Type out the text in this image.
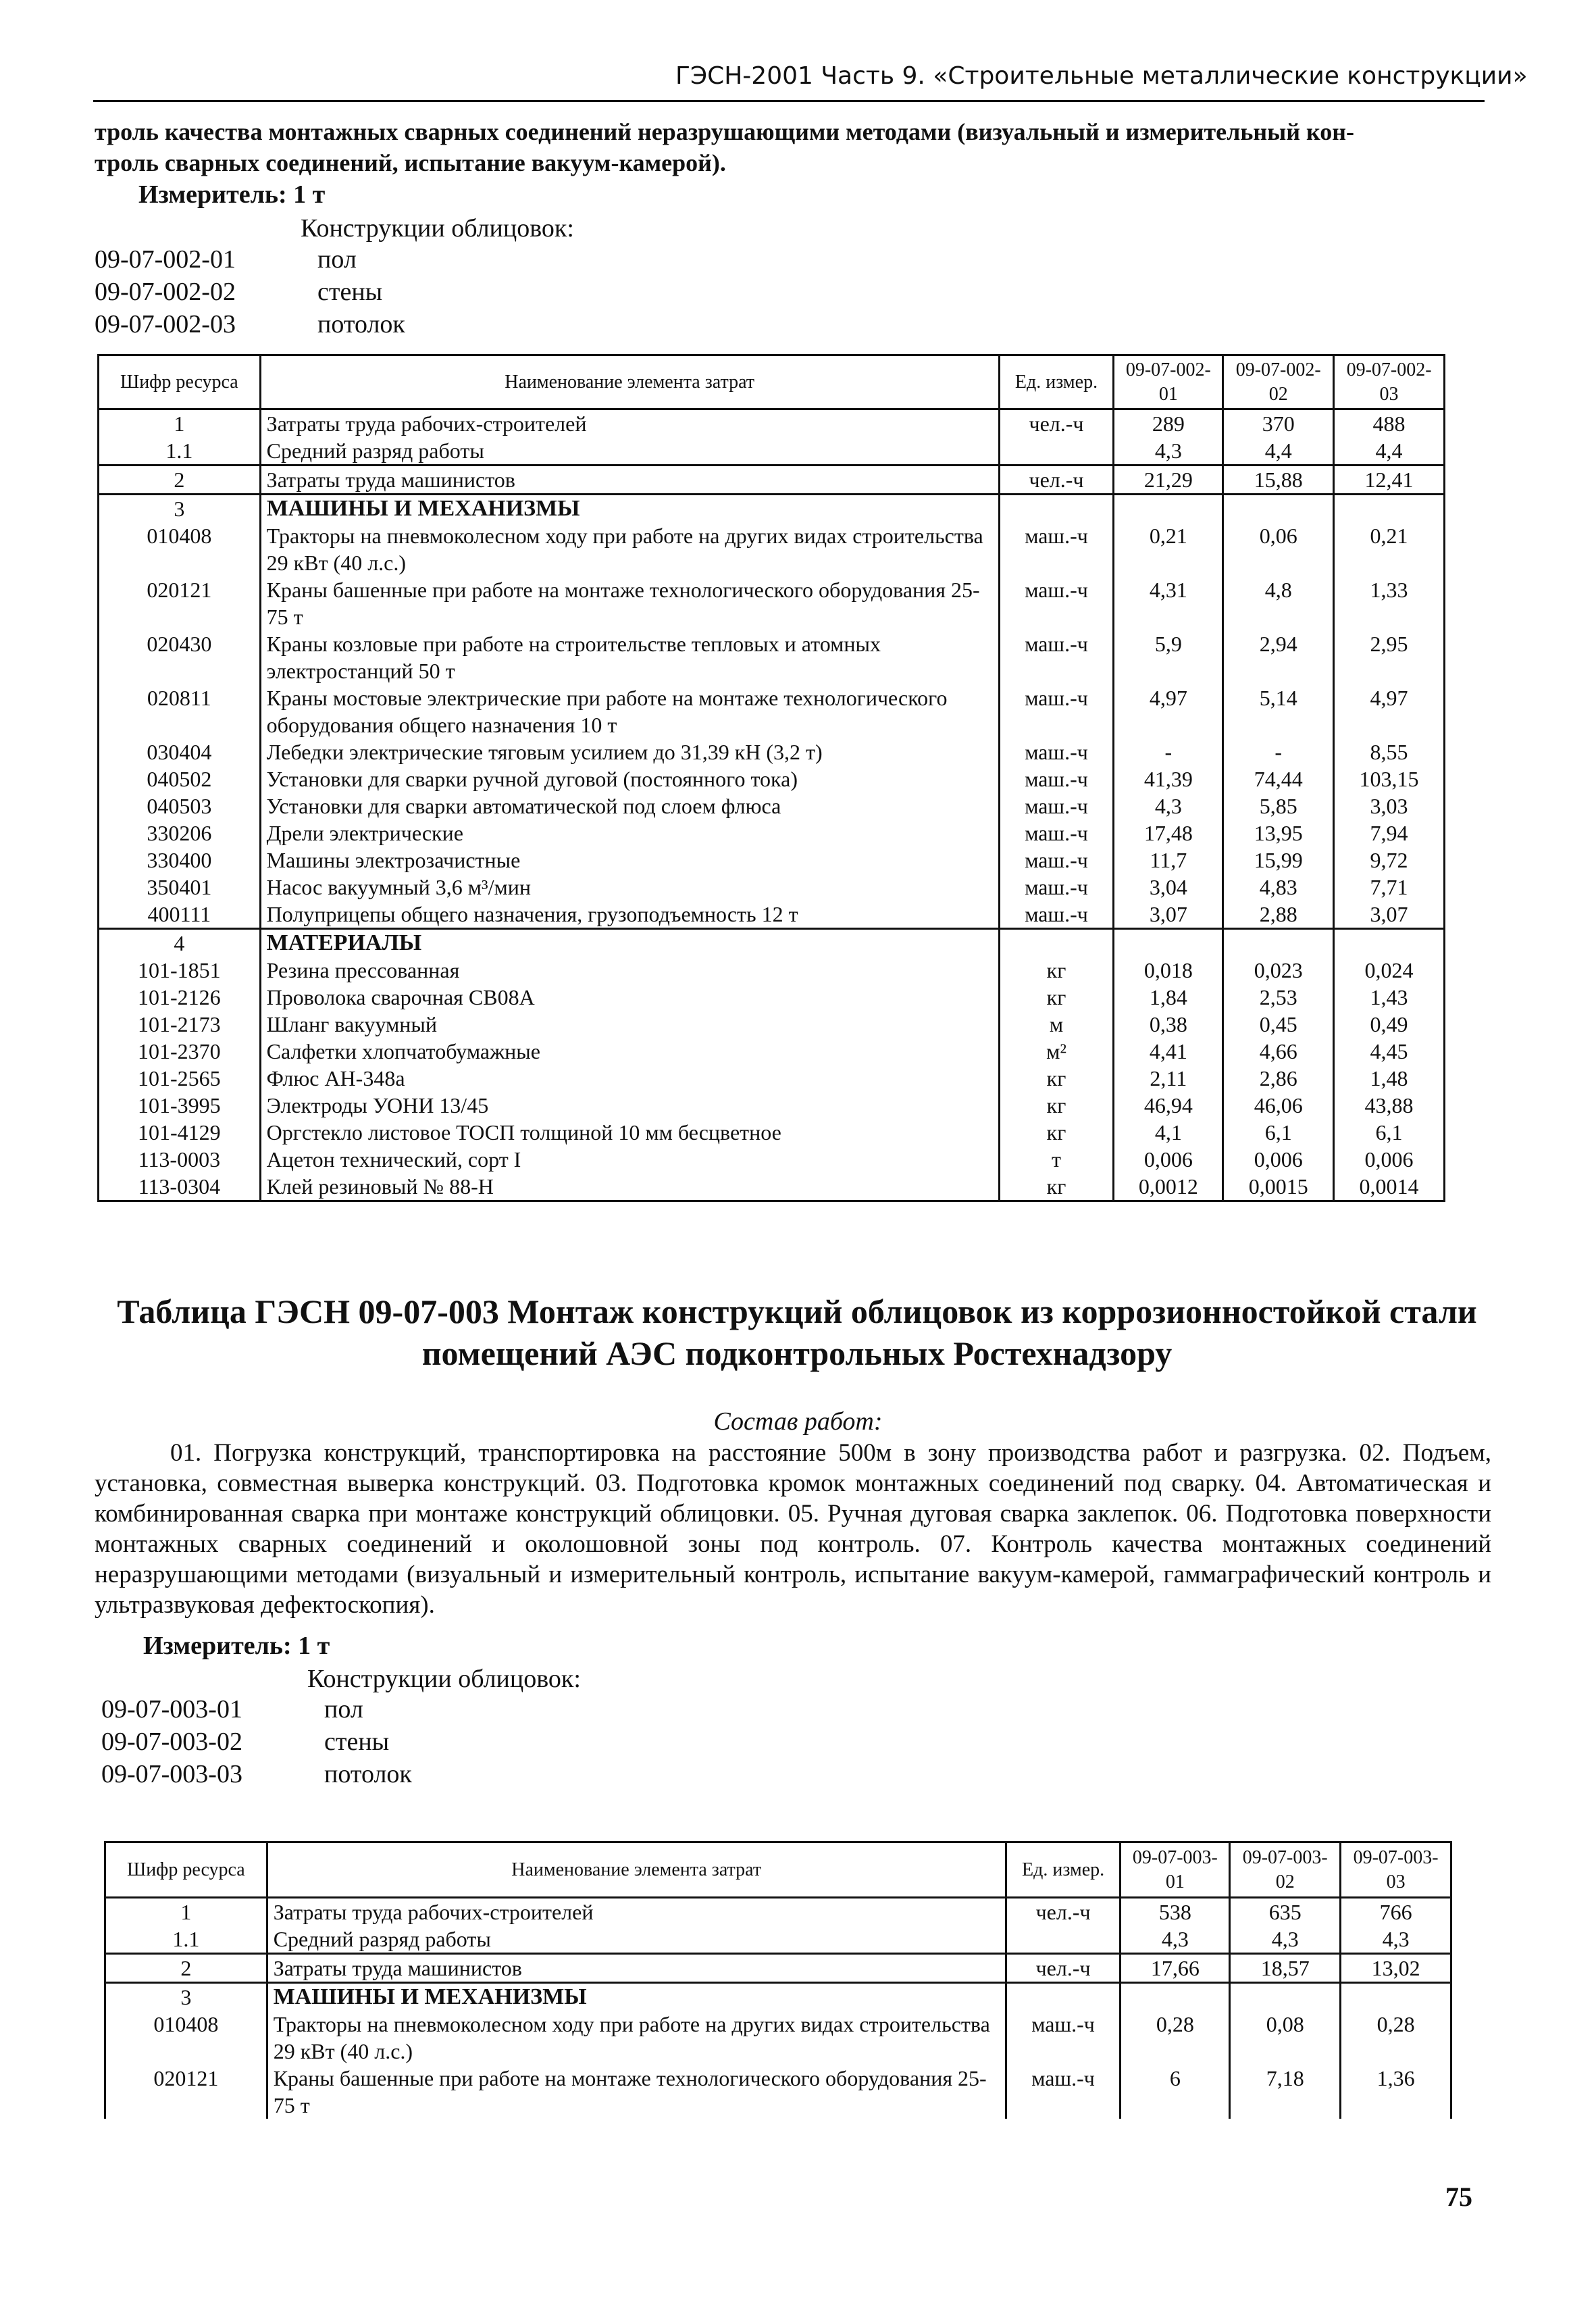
ГЭСН-2001 Часть 9. «Строительные металлические конструкции»
троль качества монтажных сварных соединений неразрушающими методами (визуальный и измерительный кон-
троль сварных соединений, испытание вакуум-камерой).
Измеритель: 1 т
Конструкции облицовок:
09-07-002-01	пол
09-07-002-02	стены
09-07-002-03	потолок
Шифр ресурса	Наименование элемента затрат	Ед. измер.	09-07-002-01	09-07-002-02	09-07-002-03
1	Затраты труда рабочих-строителей	чел.-ч	289	370	488
1.1	Средний разряд работы		4,3	4,4	4,4
2	Затраты труда машинистов	чел.-ч	21,29	15,88	12,41
3	МАШИНЫ И МЕХАНИЗМЫ				
010408	Тракторы на пневмоколесном ходу при работе на других видах строительства 29 кВт (40 л.с.)	маш.-ч	0,21	0,06	0,21
020121	Краны башенные при работе на монтаже технологического оборудования 25-75 т	маш.-ч	4,31	4,8	1,33
020430	Краны козловые при работе на строительстве тепловых и атомных электростанций 50 т	маш.-ч	5,9	2,94	2,95
020811	Краны мостовые электрические при работе на монтаже технологического оборудования общего назначения 10 т	маш.-ч	4,97	5,14	4,97
030404	Лебедки электрические тяговым усилием до 31,39 кН (3,2 т)	маш.-ч	-	-	8,55
040502	Установки для сварки ручной дуговой (постоянного тока)	маш.-ч	41,39	74,44	103,15
040503	Установки для сварки автоматической под слоем флюса	маш.-ч	4,3	5,85	3,03
330206	Дрели электрические	маш.-ч	17,48	13,95	7,94
330400	Машины электрозачистные	маш.-ч	11,7	15,99	9,72
350401	Насос вакуумный 3,6 м³/мин	маш.-ч	3,04	4,83	7,71
400111	Полуприцепы общего назначения, грузоподъемность 12 т	маш.-ч	3,07	2,88	3,07
4	МАТЕРИАЛЫ				
101-1851	Резина прессованная	кг	0,018	0,023	0,024
101-2126	Проволока сварочная СВ08А	кг	1,84	2,53	1,43
101-2173	Шланг вакуумный	м	0,38	0,45	0,49
101-2370	Салфетки хлопчатобумажные	м²	4,41	4,66	4,45
101-2565	Флюс АН-348а	кг	2,11	2,86	1,48
101-3995	Электроды УОНИ 13/45	кг	46,94	46,06	43,88
101-4129	Оргстекло листовое ТОСП толщиной 10 мм бесцветное	кг	4,1	6,1	6,1
113-0003	Ацетон технический, сорт I	т	0,006	0,006	0,006
113-0304	Клей резиновый № 88-Н	кг	0,0012	0,0015	0,0014
Таблица ГЭСН 09-07-003 Монтаж конструкций облицовок из коррозионностойкой стали
помещений АЭС подконтрольных Ростехнадзору
Состав работ:
01. Погрузка конструкций, транспортировка на расстояние 500м в зону производства работ и разгрузка. 02. Подъем, установка, совместная выверка конструкций. 03. Подготовка кромок монтажных соединений под сварку. 04. Автоматическая и комбинированная сварка при монтаже конструкций облицовки. 05. Ручная дуговая сварка заклепок. 06. Подготовка поверхности монтажных сварных соединений и околошовной зоны под контроль. 07. Контроль качества монтажных соединений неразрушающими методами (визуальный и измерительный контроль, испытание вакуум-камерой, гаммаграфический контроль и ультразвуковая дефектоскопия).
Измеритель: 1 т
Конструкции облицовок:
09-07-003-01	пол
09-07-003-02	стены
09-07-003-03	потолок
Шифр ресурса	Наименование элемента затрат	Ед. измер.	09-07-003-01	09-07-003-02	09-07-003-03
1	Затраты труда рабочих-строителей	чел.-ч	538	635	766
1.1	Средний разряд работы		4,3	4,3	4,3
2	Затраты труда машинистов	чел.-ч	17,66	18,57	13,02
3	МАШИНЫ И МЕХАНИЗМЫ				
010408	Тракторы на пневмоколесном ходу при работе на других видах строительства 29 кВт (40 л.с.)	маш.-ч	0,28	0,08	0,28
020121	Краны башенные при работе на монтаже технологического оборудования 25-75 т	маш.-ч	6	7,18	1,36
75
